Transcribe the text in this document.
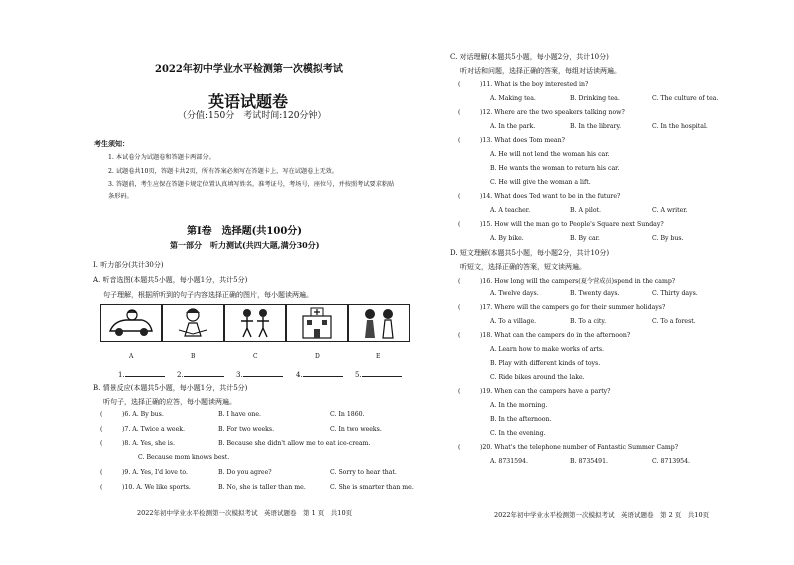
2022年初中学业水平检测第一次模拟考试
英语试题卷
（分值:150分　考试时间:120分钟）
考生须知：
1. 本试卷分为试题卷和答题卡两部分。
2. 试题卷共10页，答题卡共2页，所有答案必须写在答题卡上，写在试题卷上无效。
3. 答题前，考生应保在答题卡规定位置认真填写姓名，准考证号，考场号，座位号，并按照考试要求粘贴
条形码。
第Ⅰ卷　选择题(共100分)
第一部分　听力测试(共四大题,满分30分)
Ⅰ. 听力部分(共计30分)
A. 听音选图(本题共5小题，每小题1分，共计5分)
句子理解，根据所听到的句子内容选择正确的图片，每小题读两遍。
A	B	C	D	E
1.	2.	3.	4.	5.
B. 情景反应(本题共5小题，每小题1分，共计5分)
听句子，选择正确的应答，每小题读两遍。
(	)6. A. By bus.	B. I have one.	C. In 1860.
(	)7. A. Twice a week.	B. For two weeks.	C. In two weeks.
(	)8. A. Yes, she is.	B. Because she didn't allow me to eat ice-cream.
C. Because mom knows best.
(	)9. A. Yes, I'd love to.	B. Do you agree?	C. Sorry to hear that.
(	)10. A. We like sports.	B. No, she is taller than me.	C. She is smarter than me.
2022年初中学业水平检测第一次模拟考试　英语试题卷　第 1 页　共10页
C. 对话理解(本题共5小题，每小题2分，共计10分)
听对话和问题，选择正确的答案，每组对话读两遍。
(	)11. What is the boy interested in?
A. Making tea.	B. Drinking tea.	C. The culture of tea.
(	)12. Where are the two speakers talking now?
A. In the park.	B. In the library.	C. In the hospital.
(	)13. What does Tom mean?
A. He will not lend the woman his car.
B. He wants the woman to return his car.
C. He will give the woman a lift.
(	)14. What does Ted want to be in the future?
A. A teacher.	B. A pilot.	C. A writer.
(	)15. How will the man go to People's Square next Sunday?
A. By bike.	B. By car.	C. By bus.
D. 短文理解(本题共5小题，每小题2分，共计10分)
听短文，选择正确的答案，短文读两遍。
(	)16. How long will the campers(夏令营成员)spend in the camp?
A. Twelve days.	B. Twenty days.	C. Thirty days.
(	)17. Where will the campers go for their summer holidays?
A. To a village.	B. To a city.	C. To a forest.
(	)18. What can the campers do in the afternoon?
A. Learn how to make works of arts.
B. Play with different kinds of toys.
C. Ride bikes around the lake.
(	)19. When can the campers have a party?
A. In the morning.
B. In the afternoon.
C. In the evening.
(	)20. What's the telephone number of Fantastic Summer Camp?
A. 8731594.	B. 8735491.	C. 8713954.
2022年初中学业水平检测第一次模拟考试　英语试题卷　第 2 页　共10页
